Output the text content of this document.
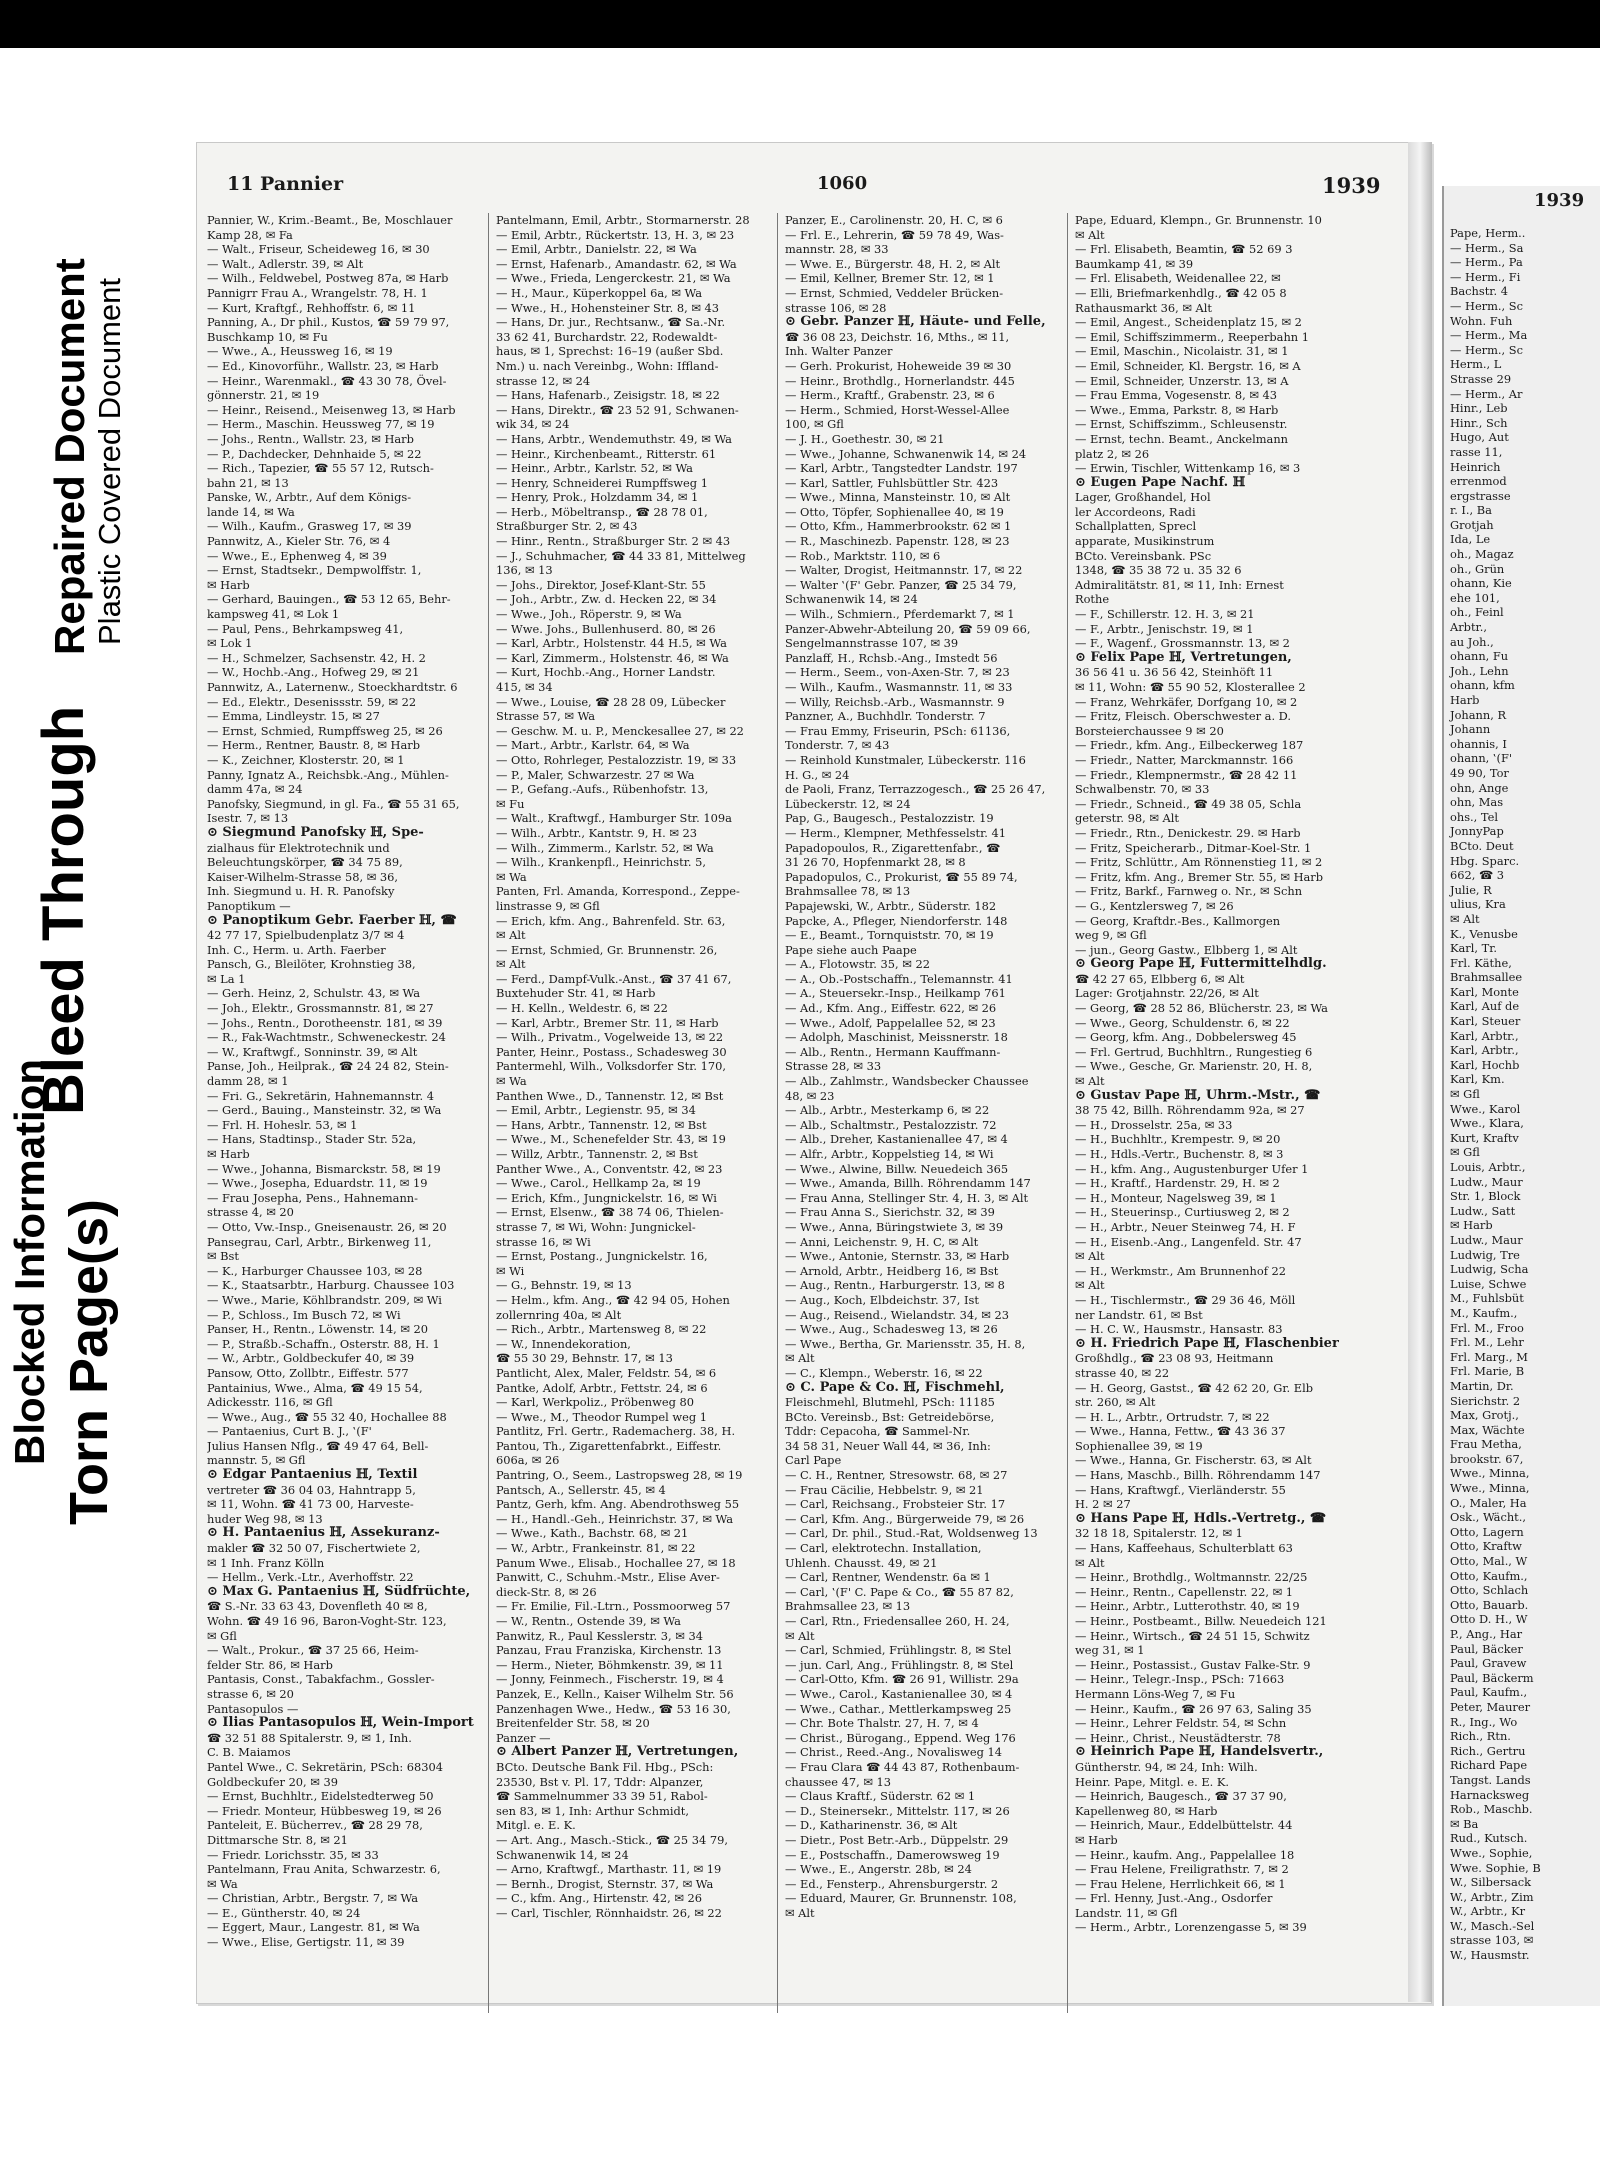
Blocked Information Torn Page(s)
Bleed Through
Repaired Document Plastic Covered Document
11 Pannier	1060	1939

Pannier, W., Krim.-Beamt., Be, Moschlauer

Kamp 28, ✉ Fa

— Walt., Friseur, Scheideweg 16, ✉ 30

— Walt., Adlerstr. 39, ✉ Alt

— Wilh., Feldwebel, Postweg 87a, ✉ Harb

Pannigrr Frau A., Wrangelstr. 78, H. 1

— Kurt, Kraftgf., Rehhoffstr. 6, ✉ 11

Panning, A., Dr phil., Kustos, ☎ 59 79 97,

Buschkamp 10, ✉ Fu

— Wwe., A., Heussweg 16, ✉ 19

— Ed., Kinovorführ., Wallstr. 23, ✉ Harb

— Heinr., Warenmakl., ☎ 43 30 78, Övel-

gönnerstr. 21, ✉ 19

— Heinr., Reisend., Meisenweg 13, ✉ Harb

— Herm., Maschin. Heussweg 77, ✉ 19

— Johs., Rentn., Wallstr. 23, ✉ Harb

— P., Dachdecker, Dehnhaide 5, ✉ 22

— Rich., Tapezier, ☎ 55 57 12, Rutsch-

bahn 21, ✉ 13

Panske, W., Arbtr., Auf dem Königs-

lande 14, ✉ Wa

— Wilh., Kaufm., Grasweg 17, ✉ 39

Pannwitz, A., Kieler Str. 76, ✉ 4

— Wwe., E., Ephenweg 4, ✉ 39

— Ernst, Stadtsekr., Dempwolffstr. 1,

✉ Harb

— Gerhard, Bauingen., ☎ 53 12 65, Behr-

kampsweg 41, ✉ Lok 1

— Paul, Pens., Behrkampsweg 41,

✉ Lok 1

— H., Schmelzer, Sachsenstr. 42, H. 2

— W., Hochb.-Ang., Hofweg 29, ✉ 21

Pannwitz, A., Laternenw., Stoeckhardtstr. 6

— Ed., Elektr., Desenissstr. 59, ✉ 22

— Emma, Lindleystr. 15, ✉ 27

— Ernst, Schmied, Rumpffsweg 25, ✉ 26

— Herm., Rentner, Baustr. 8, ✉ Harb

— K., Zeichner, Klosterstr. 20, ✉ 1

Panny, Ignatz A., Reichsbk.-Ang., Mühlen-

damm 47a, ✉ 24

Panofsky, Siegmund, in gl. Fa., ☎ 55 31 65,

Isestr. 7, ✉ 13

⊙ Siegmund Panofsky ℍ, Spe-

zialhaus für Elektrotechnik und

Beleuchtungskörper, ☎ 34 75 89,

Kaiser-Wilhelm-Strasse 58, ✉ 36,

Inh. Siegmund u. H. R. Panofsky

Panoptikum —

⊙ Panoptikum Gebr. Faerber ℍ, ☎

42 77 17, Spielbudenplatz 3/7 ✉ 4

Inh. C., Herm. u. Arth. Faerber

Pansch, G., Bleilöter, Krohnstieg 38,

✉ La 1

— Gerh. Heinz, 2, Schulstr. 43, ✉ Wa

— Joh., Elektr., Grossmannstr. 81, ✉ 27

— Johs., Rentn., Dorotheenstr. 181, ✉ 39

— R., Fak-Wachtmstr., Schweneckestr. 24

— W., Kraftwgf., Sonninstr. 39, ✉ Alt

Panse, Joh., Heilprak., ☎ 24 24 82, Stein-

damm 28, ✉ 1

— Fri. G., Sekretärin, Hahnemannstr. 4

— Gerd., Bauing., Mansteinstr. 32, ✉ Wa

— Frl. H. Hoheslr. 53, ✉ 1

— Hans, Stadtinsp., Stader Str. 52a,

✉ Harb

— Wwe., Johanna, Bismarckstr. 58, ✉ 19

— Wwe., Josepha, Eduardstr. 11, ✉ 19

— Frau Josepha, Pens., Hahnemann-

strasse 4, ✉ 20

— Otto, Vw.-Insp., Gneisenaustr. 26, ✉ 20

Pansegrau, Carl, Arbtr., Birkenweg 11,

✉ Bst

— K., Harburger Chaussee 103, ✉ 28

— K., Staatsarbtr., Harburg. Chaussee 103

— Wwe., Marie, Köhlbrandstr. 209, ✉ Wi

— P., Schloss., Im Busch 72, ✉ Wi

Panser, H., Rentn., Löwenstr. 14, ✉ 20

— P., Straßb.-Schaffn., Osterstr. 88, H. 1

— W., Arbtr., Goldbeckufer 40, ✉ 39

Pansow, Otto, Zollbtr., Eiffestr. 577

Pantainius, Wwe., Alma, ☎ 49 15 54,

Adickesstr. 116, ✉ Gfl

— Wwe., Aug., ☎ 55 32 40, Hochallee 88

— Pantaenius, Curt B. J., ‛(F'

Julius Hansen Nflg., ☎ 49 47 64, Bell-

mannstr. 5, ✉ Gfl

⊙ Edgar Pantaenius ℍ, Textil

vertreter ☎ 36 04 03, Hahntrapp 5,

✉ 11, Wohn. ☎ 41 73 00, Harveste-

huder Weg 98, ✉ 13

⊙ H. Pantaenius ℍ, Assekuranz-

makler ☎ 32 50 07, Fischertwiete 2,

✉ 1 Inh. Franz Kölln

— Hellm., Verk.-Ltr., Averhoffstr. 22

⊙ Max G. Pantaenius ℍ, Südfrüchte,

☎ S.-Nr. 33 63 43, Dovenfleth 40 ✉ 8,

Wohn. ☎ 49 16 96, Baron-Voght-Str. 123,

✉ Gfl

— Walt., Prokur., ☎ 37 25 66, Heim-

felder Str. 86, ✉ Harb

Pantasis, Const., Tabakfachm., Gossler-

strasse 6, ✉ 20

Pantasopulos —

⊙ Ilias Pantasopulos ℍ, Wein-Import

☎ 32 51 88 Spitalerstr. 9, ✉ 1, Inh.

C. B. Maiamos

Pantel Wwe., C. Sekretärin, PSch: 68304

Goldbeckufer 20, ✉ 39

— Ernst, Buchhltr., Eidelstedterweg 50

— Friedr. Monteur, Hübbesweg 19, ✉ 26

Panteleit, E. Bücherrev., ☎ 28 29 78,

Dittmarsche Str. 8, ✉ 21

— Friedr. Lorichsstr. 35, ✉ 33

Pantelmann, Frau Anita, Schwarzestr. 6,

✉ Wa

— Christian, Arbtr., Bergstr. 7, ✉ Wa

— E., Güntherstr. 40, ✉ 24

— Eggert, Maur., Langestr. 81, ✉ Wa

— Wwe., Elise, Gertigstr. 11, ✉ 39

Pantelmann, Emil, Arbtr., Stormarnerstr. 28

— Emil, Arbtr., Rückertstr. 13, H. 3, ✉ 23

— Emil, Arbtr., Danielstr. 22, ✉ Wa

— Ernst, Hafenarb., Amandastr. 62, ✉ Wa

— Wwe., Frieda, Lengerckestr. 21, ✉ Wa

— H., Maur., Küperkoppel 6a, ✉ Wa

— Wwe., H., Hohensteiner Str. 8, ✉ 43

— Hans, Dr. jur., Rechtsanw., ☎ Sa.-Nr.

33 62 41, Burchardstr. 22, Rodewaldt-

haus, ✉ 1, Sprechst: 16–19 (außer Sbd.

Nm.) u. nach Vereinbg., Wohn: Iffland-

strasse 12, ✉ 24

— Hans, Hafenarb., Zeisigstr. 18, ✉ 22

— Hans, Direktr., ☎ 23 52 91, Schwanen-

wik 34, ✉ 24

— Hans, Arbtr., Wendemuthstr. 49, ✉ Wa

— Heinr., Kirchenbeamt., Ritterstr. 61

— Heinr., Arbtr., Karlstr. 52, ✉ Wa

— Henry, Schneiderei Rumpffsweg 1

— Henry, Prok., Holzdamm 34, ✉ 1

— Herb., Möbeltransp., ☎ 28 78 01,

Straßburger Str. 2, ✉ 43

— Hinr., Rentn., Straßburger Str. 2 ✉ 43

— J., Schuhmacher, ☎ 44 33 81, Mittelweg

136, ✉ 13

— Johs., Direktor, Josef-Klant-Str. 55

— Joh., Arbtr., Zw. d. Hecken 22, ✉ 34

— Wwe., Joh., Röperstr. 9, ✉ Wa

— Wwe. Johs., Bullenhuserd. 80, ✉ 26

— Karl, Arbtr., Holstenstr. 44 H.5, ✉ Wa

— Karl, Zimmerm., Holstenstr. 46, ✉ Wa

— Kurt, Hochb.-Ang., Horner Landstr.

415, ✉ 34

— Wwe., Louise, ☎ 28 28 09, Lübecker

Strasse 57, ✉ Wa

— Geschw. M. u. P., Menckesallee 27, ✉ 22

— Mart., Arbtr., Karlstr. 64, ✉ Wa

— Otto, Rohrleger, Pestalozzistr. 19, ✉ 33

— P., Maler, Schwarzestr. 27 ✉ Wa

— P., Gefang.-Aufs., Rübenhofstr. 13,

✉ Fu

— Walt., Kraftwgf., Hamburger Str. 109a

— Wilh., Arbtr., Kantstr. 9, H. ✉ 23

— Wilh., Zimmerm., Karlstr. 52, ✉ Wa

— Wilh., Krankenpfl., Heinrichstr. 5,

✉ Wa

Panten, Frl. Amanda, Korrespond., Zeppe-

linstrasse 9, ✉ Gfl

— Erich, kfm. Ang., Bahrenfeld. Str. 63,

✉ Alt

— Ernst, Schmied, Gr. Brunnenstr. 26,

✉ Alt

— Ferd., Dampf-Vulk.-Anst., ☎ 37 41 67,

Buxtehuder Str. 41, ✉ Harb

— H. Kelln., Weldestr. 6, ✉ 22

— Karl, Arbtr., Bremer Str. 11, ✉ Harb

— Wilh., Privatm., Vogelweide 13, ✉ 22

Panter, Heinr., Postass., Schadesweg 30

Pantermehl, Wilh., Volksdorfer Str. 170,

✉ Wa

Panthen Wwe., D., Tannenstr. 12, ✉ Bst

— Emil, Arbtr., Legienstr. 95, ✉ 34

— Hans, Arbtr., Tannenstr. 12, ✉ Bst

— Wwe., M., Schenefelder Str. 43, ✉ 19

— Willz, Arbtr., Tannenstr. 2, ✉ Bst

Panther Wwe., A., Conventstr. 42, ✉ 23

— Wwe., Carol., Hellkamp 2a, ✉ 19

— Erich, Kfm., Jungnickelstr. 16, ✉ Wi

— Ernst, Elsenw., ☎ 38 74 06, Thielen-

strasse 7, ✉ Wi, Wohn: Jungnickel-

strasse 16, ✉ Wi

— Ernst, Postang., Jungnickelstr. 16,

✉ Wi

— G., Behnstr. 19, ✉ 13

— Helm., kfm. Ang., ☎ 42 94 05, Hohen

zollernring 40a, ✉ Alt

— Rich., Arbtr., Martensweg 8, ✉ 22

— W., Innendekoration,

☎ 55 30 29, Behnstr. 17, ✉ 13

Pantlicht, Alex, Maler, Feldstr. 54, ✉ 6

Pantke, Adolf, Arbtr., Fettstr. 24, ✉ 6

— Karl, Werkpoliz., Pröbenweg 80

— Wwe., M., Theodor Rumpel weg 1

Pantlitz, Frl. Gertr., Rademacherg. 38, H.

Pantou, Th., Zigarettenfabrkt., Eiffestr.

606a, ✉ 26

Pantring, O., Seem., Lastropsweg 28, ✉ 19

Pantsch, A., Sellerstr. 45, ✉ 4

Pantz, Gerh, kfm. Ang. Abendrothsweg 55

— H., Handl.-Geh., Heinrichstr. 37, ✉ Wa

— Wwe., Kath., Bachstr. 68, ✉ 21

— W., Arbtr., Frankeinstr. 81, ✉ 22

Panum Wwe., Elisab., Hochallee 27, ✉ 18

Panwitt, C., Schuhm.-Mstr., Elise Aver-

dieck-Str. 8, ✉ 26

— Fr. Emilie, Fil.-Ltrn., Possmoorweg 57

— W., Rentn., Ostende 39, ✉ Wa

Panwitz, R., Paul Kesslerstr. 3, ✉ 34

Panzau, Frau Franziska, Kirchenstr. 13

— Herm., Nieter, Böhmkenstr. 39, ✉ 11

— Jonny, Feinmech., Fischerstr. 19, ✉ 4

Panzek, E., Kelln., Kaiser Wilhelm Str. 56

Panzenhagen Wwe., Hedw., ☎ 53 16 30,

Breitenfelder Str. 58, ✉ 20

Panzer —

⊙ Albert Panzer ℍ, Vertretungen,

BCto. Deutsche Bank Fil. Hbg., PSch:

23530, Bst v. Pl. 17, Tddr: Alpanzer,

☎ Sammelnummer 33 39 51, Rabol-

sen 83, ✉ 1, Inh: Arthur Schmidt,

Mitgl. e. E. K.

— Art. Ang., Masch.-Stick., ☎ 25 34 79,

Schwanenwik 14, ✉ 24

— Arno, Kraftwgf., Marthastr. 11, ✉ 19

— Bernh., Drogist, Sternstr. 37, ✉ Wa

— C., kfm. Ang., Hirtenstr. 42, ✉ 26

— Carl, Tischler, Rönnhaidstr. 26, ✉ 22

Panzer, E., Carolinenstr. 20, H. C, ✉ 6

— Frl. E., Lehrerin, ☎ 59 78 49, Was-

mannstr. 28, ✉ 33

— Wwe. E., Bürgerstr. 48, H. 2, ✉ Alt

— Emil, Kellner, Bremer Str. 12, ✉ 1

— Ernst, Schmied, Veddeler Brücken-

strasse 106, ✉ 28

⊙ Gebr. Panzer ℍ, Häute- und Felle,

☎ 36 08 23, Deichstr. 16, Mths., ✉ 11,

Inh. Walter Panzer

— Gerh. Prokurist, Hoheweide 39 ✉ 30

— Heinr., Brothdlg., Hornerlandstr. 445

— Herm., Kraftf., Grabenstr. 23, ✉ 6

— Herm., Schmied, Horst-Wessel-Allee

100, ✉ Gfl

— J. H., Goethestr. 30, ✉ 21

— Wwe., Johanne, Schwanenwik 14, ✉ 24

— Karl, Arbtr., Tangstedter Landstr. 197

— Karl, Sattler, Fuhlsbüttler Str. 423

— Wwe., Minna, Mansteinstr. 10, ✉ Alt

— Otto, Töpfer, Sophienallee 40, ✉ 19

— Otto, Kfm., Hammerbrookstr. 62 ✉ 1

— R., Maschinezb. Papenstr. 128, ✉ 23

— Rob., Marktstr. 110, ✉ 6

— Walter, Drogist, Heitmannstr. 17, ✉ 22

— Walter ‛(F' Gebr. Panzer, ☎ 25 34 79,

Schwanenwik 14, ✉ 24

— Wilh., Schmiern., Pferdemarkt 7, ✉ 1

Panzer-Abwehr-Abteilung 20, ☎ 59 09 66,

Sengelmannstrasse 107, ✉ 39

Panzlaff, H., Rchsb.-Ang., Imstedt 56

— Herm., Seem., von-Axen-Str. 7, ✉ 23

— Wilh., Kaufm., Wasmannstr. 11, ✉ 33

— Willy, Reichsb.-Arb., Wasmannstr. 9

Panzner, A., Buchhdlr. Tonderstr. 7

— Frau Emmy, Friseurin, PSch: 61136,

Tonderstr. 7, ✉ 43

— Reinhold Kunstmaler, Lübeckerstr. 116

H. G., ✉ 24

de Paoli, Franz, Terrazzogesch., ☎ 25 26 47,

Lübeckerstr. 12, ✉ 24

Pap, G., Baugesch., Pestalozzistr. 19

— Herm., Klempner, Methfesselstr. 41

Papadopoulos, R., Zigarettenfabr., ☎

31 26 70, Hopfenmarkt 28, ✉ 8

Papadopulos, C., Prokurist, ☎ 55 89 74,

Brahmsallee 78, ✉ 13

Papajewski, W., Arbtr., Süderstr. 182

Papcke, A., Pfleger, Niendorferstr. 148

— E., Beamt., Tornquiststr. 70, ✉ 19

Pape siehe auch Paape

— A., Flotowstr. 35, ✉ 22

— A., Ob.-Postschaffn., Telemannstr. 41

— A., Steuersekr.-Insp., Heilkamp 761

— Ad., Kfm. Ang., Eiffestr. 622, ✉ 26

— Wwe., Adolf, Pappelallee 52, ✉ 23

— Adolph, Maschinist, Meissnerstr. 18

— Alb., Rentn., Hermann Kauffmann-

Strasse 28, ✉ 33

— Alb., Zahlmstr., Wandsbecker Chaussee

48, ✉ 23

— Alb., Arbtr., Mesterkamp 6, ✉ 22

— Alb., Schaltmstr., Pestalozzistr. 72

— Alb., Dreher, Kastanienallee 47, ✉ 4

— Alfr., Arbtr., Koppelstieg 14, ✉ Wi

— Wwe., Alwine, Billw. Neuedeich 365

— Wwe., Amanda, Billh. Röhrendamm 147

— Frau Anna, Stellinger Str. 4, H. 3, ✉ Alt

— Frau Anna S., Sierichstr. 32, ✉ 39

— Wwe., Anna, Büringstwiete 3, ✉ 39

— Anni, Leichenstr. 9, H. C, ✉ Alt

— Wwe., Antonie, Sternstr. 33, ✉ Harb

— Arnold, Arbtr., Heidberg 16, ✉ Bst

— Aug., Rentn., Harburgerstr. 13, ✉ 8

— Aug., Koch, Elbdeichstr. 37, Ist

— Aug., Reisend., Wielandstr. 34, ✉ 23

— Wwe., Aug., Schadesweg 13, ✉ 26

— Wwe., Bertha, Gr. Mariensstr. 35, H. 8,

✉ Alt

— C., Klempn., Weberstr. 16, ✉ 22

⊙ C. Pape & Co. ℍ, Fischmehl,

Fleischmehl, Blutmehl, PSch: 11185

BCto. Vereinsb., Bst: Getreidebörse,

Tddr: Cepacoha, ☎ Sammel-Nr.

34 58 31, Neuer Wall 44, ✉ 36, Inh:

Carl Pape

— C. H., Rentner, Stresowstr. 68, ✉ 27

— Frau Cäcilie, Hebbelstr. 9, ✉ 21

— Carl, Reichsang., Frobsteier Str. 17

— Carl, Kfm. Ang., Bürgerweide 79, ✉ 26

— Carl, Dr. phil., Stud.-Rat, Woldsenweg 13

— Carl, elektrotechn. Installation,

Uhlenh. Chausst. 49, ✉ 21

— Carl, Rentner, Wendenstr. 6a ✉ 1

— Carl, ‛(F' C. Pape & Co., ☎ 55 87 82,

Brahmsallee 23, ✉ 13

— Carl, Rtn., Friedensallee 260, H. 24,

✉ Alt

— Carl, Schmied, Frühlingstr. 8, ✉ Stel

— jun. Carl, Ang., Frühlingstr. 8, ✉ Stel

— Carl-Otto, Kfm. ☎ 26 91, Willistr. 29a

— Wwe., Carol., Kastanienallee 30, ✉ 4

— Wwe., Cathar., Mettlerkampsweg 25

— Chr. Bote Thalstr. 27, H. 7, ✉ 4

— Christ., Bürogang., Eppend. Weg 176

— Christ., Reed.-Ang., Novalisweg 14

— Frau Clara ☎ 44 43 87, Rothenbaum-

chaussee 47, ✉ 13

— Claus Kraftf., Süderstr. 62 ✉ 1

— D., Steinersekr., Mittelstr. 117, ✉ 26

— D., Katharinenstr. 36, ✉ Alt

— Dietr., Post Betr.-Arb., Düppelstr. 29

— E., Postschaffn., Damerowsweg 19

— Wwe., E., Angerstr. 28b, ✉ 24

— Ed., Fensterp., Ahrensburgerstr. 2

— Eduard, Maurer, Gr. Brunnenstr. 108,

✉ Alt

Pape, Eduard, Klempn., Gr. Brunnenstr. 10

✉ Alt

— Frl. Elisabeth, Beamtin, ☎ 52 69 3

Baumkamp 41, ✉ 39

— Frl. Elisabeth, Weidenallee 22, ✉

— Elli, Briefmarkenhdlg., ☎ 42 05 8

Rathausmarkt 36, ✉ Alt

— Emil, Angest., Scheidenplatz 15, ✉ 2

— Emil, Schiffszimmerm., Reeperbahn 1

— Emil, Maschin., Nicolaistr. 31, ✉ 1

— Emil, Schneider, Kl. Bergstr. 16, ✉ A

— Emil, Schneider, Unzerstr. 13, ✉ A

— Frau Emma, Vogesenstr. 8, ✉ 43

— Wwe., Emma, Parkstr. 8, ✉ Harb

— Ernst, Schiffszimm., Schleusenstr.

— Ernst, techn. Beamt., Anckelmann

platz 2, ✉ 26

— Erwin, Tischler, Wittenkamp 16, ✉ 3

⊙ Eugen Pape Nachf. ℍ

Lager, Großhandel, Hol

ler Accordeons, Radi

Schallplatten, Sprecl

apparate, Musikinstrum

BCto. Vereinsbank. PSc

1348, ☎ 35 38 72 u. 35 32 6

Admiralitätstr. 81, ✉ 11, Inh: Ernest

Rothe

— F., Schillerstr. 12. H. 3, ✉ 21

— F., Arbtr., Jenischstr. 19, ✉ 1

— F., Wagenf., Grossmannstr. 13, ✉ 2

⊙ Felix Pape ℍ, Vertretungen,

36 56 41 u. 36 56 42, Steinhöft 11

✉ 11, Wohn: ☎ 55 90 52, Klosterallee 2

— Franz, Wehrkäfer, Dorfgang 10, ✉ 2

— Fritz, Fleisch. Oberschwester a. D.

Borsteierchaussee 9 ✉ 20

— Friedr., kfm. Ang., Eilbeckerweg 187

— Friedr., Natter, Marckmannstr. 166

— Friedr., Klempnermstr., ☎ 28 42 11

Schwalbenstr. 70, ✉ 33

— Friedr., Schneid., ☎ 49 38 05, Schla

geterstr. 98, ✉ Alt

— Friedr., Rtn., Denickestr. 29. ✉ Harb

— Fritz, Speicherarb., Ditmar-Koel-Str. 1

— Fritz, Schlüttr., Am Rönnenstieg 11, ✉ 2

— Fritz, kfm. Ang., Bremer Str. 55, ✉ Harb

— Fritz, Barkf., Farnweg o. Nr., ✉ Schn

— G., Kentzlersweg 7, ✉ 26

— Georg, Kraftdr.-Bes., Kallmorgen

weg 9, ✉ Gfl

— jun., Georg Gastw., Elbberg 1, ✉ Alt

⊙ Georg Pape ℍ, Futtermittelhdlg.

☎ 42 27 65, Elbberg 6, ✉ Alt

Lager: Grotjahnstr. 22/26, ✉ Alt

— Georg, ☎ 28 52 86, Blücherstr. 23, ✉ Wa

— Wwe., Georg, Schuldenstr. 6, ✉ 22

— Georg, kfm. Ang., Dobbelersweg 45

— Frl. Gertrud, Buchhltrn., Rungestieg 6

— Wwe., Gesche, Gr. Marienstr. 20, H. 8,

✉ Alt

⊙ Gustav Pape ℍ, Uhrm.-Mstr., ☎

38 75 42, Billh. Röhrendamm 92a, ✉ 27

— H., Drosselstr. 25a, ✉ 33

— H., Buchhltr., Krempestr. 9, ✉ 20

— H., Hdls.-Vertr., Buchenstr. 8, ✉ 3

— H., kfm. Ang., Augustenburger Ufer 1

— H., Kraftf., Hardenstr. 29, H. ✉ 2

— H., Monteur, Nagelsweg 39, ✉ 1

— H., Steuerinsp., Curtiusweg 2, ✉ 2

— H., Arbtr., Neuer Steinweg 74, H. F

— H., Eisenb.-Ang., Langenfeld. Str. 47

✉ Alt

— H., Werkmstr., Am Brunnenhof 22

✉ Alt

— H., Tischlermstr., ☎ 29 36 46, Möll

ner Landstr. 61, ✉ Bst

— H. C. W., Hausmstr., Hansastr. 83

⊙ H. Friedrich Pape ℍ, Flaschenbier

Großhdlg., ☎ 23 08 93, Heitmann

strasse 40, ✉ 22

— H. Georg, Gastst., ☎ 42 62 20, Gr. Elb

str. 260, ✉ Alt

— H. L., Arbtr., Ortrudstr. 7, ✉ 22

— Wwe., Hanna, Fettw., ☎ 43 36 37

Sophienallee 39, ✉ 19

— Wwe., Hanna, Gr. Fischerstr. 63, ✉ Alt

— Hans, Maschb., Billh. Röhrendamm 147

— Hans, Kraftwgf., Vierländerstr. 55

H. 2 ✉ 27

⊙ Hans Pape ℍ, Hdls.-Vertretg., ☎

32 18 18, Spitalerstr. 12, ✉ 1

— Hans, Kaffeehaus, Schulterblatt 63

✉ Alt

— Heinr., Brothdlg., Woltmannstr. 22/25

— Heinr., Rentn., Capellenstr. 22, ✉ 1

— Heinr., Arbtr., Lutterothstr. 40, ✉ 19

— Heinr., Postbeamt., Billw. Neuedeich 121

— Heinr., Wirtsch., ☎ 24 51 15, Schwitz

weg 31, ✉ 1

— Heinr., Postassist., Gustav Falke-Str. 9

— Heinr., Telegr.-Insp., PSch: 71663

Hermann Löns-Weg 7, ✉ Fu

— Heinr., Kaufm., ☎ 26 97 63, Saling 35

— Heinr., Lehrer Feldstr. 54, ✉ Schn

— Heinr., Christ., Neustädterstr. 78

⊙ Heinrich Pape ℍ, Handelsvertr.,

Güntherstr. 94, ✉ 24, Inh: Wilh.

Heinr. Pape, Mitgl. e. E. K.

— Heinrich, Baugesch., ☎ 37 37 90,

Kapellenweg 80, ✉ Harb

— Heinrich, Maur., Eddelbüttelstr. 44

✉ Harb

— Heinr., kaufm. Ang., Pappelallee 18

— Frau Helene, Freiligrathstr. 7, ✉ 2

— Frau Helene, Herrlichkeit 66, ✉ 1

— Frl. Henny, Just.-Ang., Osdorfer

Landstr. 11, ✉ Gfl

— Herm., Arbtr., Lorenzengasse 5, ✉ 39

1939

Pape, Herm..

— Herm., Sa

— Herm., Pa

— Herm., Fi

Bachstr. 4

— Herm., Sc

Wohn. Fuh

— Herm., Ma

— Herm., Sc

Herm., L

Strasse 29

— Herm., Ar

Hinr., Leb

Hinr., Sch

Hugo, Aut

rasse 11,

Heinrich

errenmod

ergstrasse

r. I., Ba

Grotjah

Ida, Le

oh., Magaz

oh., Grün

ohann, Kie

ehe 101,

oh., Feinl

Arbtr.,

au Joh.,

ohann, Fu

Joh., Lehn

ohann, kfm

Harb

Johann, R

Johann

ohannis, I

ohann, ‛(F'

49 90, Tor

ohn, Ange

ohn, Mas

ohs., Tel

JonnyPap

BCto. Deut

Hbg. Sparc.

662, ☎ 3

Julie, R

ulius, Kra

✉ Alt

K., Venusbe

Karl, Tr.

Frl. Käthe,

Brahmsallee

Karl, Monte

Karl, Auf de

Karl, Steuer

Karl, Arbtr.,

Karl, Arbtr.,

Karl, Hochb

Karl, Km.

✉ Gfl

Wwe., Karol

Wwe., Klara,

Kurt, Kraftv

✉ Gfl

Louis, Arbtr.,

Ludw., Maur

Str. 1, Block

Ludw., Satt

✉ Harb

Ludw., Maur

Ludwig, Tre

Ludwig, Scha

Luise, Schwe

M., Fuhlsbüt

M., Kaufm.,

Frl. M., Froo

Frl. M., Lehr

Frl. Marg., M

Frl. Marie, B

Martin, Dr.

Sierichstr. 2

Max, Grotj.,

Max, Wächte

Frau Metha,

brookstr. 67,

Wwe., Minna,

Wwe., Minna,

O., Maler, Ha

Osk., Wächt.,

Otto, Lagern

Otto, Kraftw

Otto, Mal., W

Otto, Kaufm.,

Otto, Schlach

Otto, Bauarb.

Otto D. H., W

P., Ang., Har

Paul, Bäcker

Paul, Gravew

Paul, Bäckerm

Paul, Kaufm.,

Peter, Maurer

R., Ing., Wo

Rich., Rtn.

Rich., Gertru

Richard Pape

Tangst. Lands

Harnacksweg

Rob., Maschb.

✉ Ba

Rud., Kutsch.

Wwe., Sophie,

Wwe. Sophie, B

W., Silbersack

W., Arbtr., Zim

W., Arbtr., Kr

W., Masch.-Sel

strasse 103, ✉

W., Hausmstr.
